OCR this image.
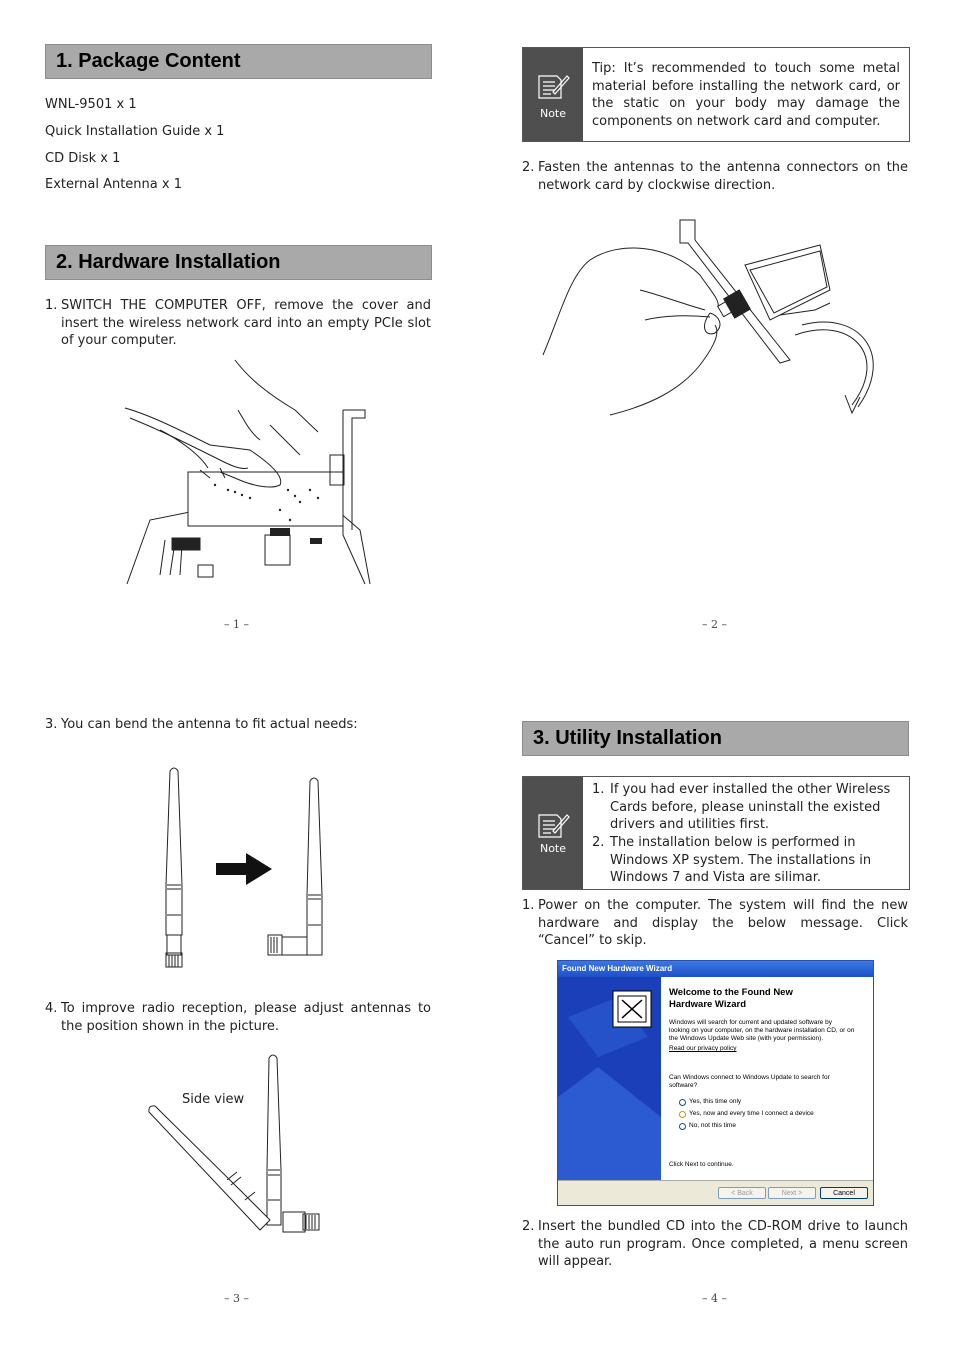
1. Package Content
WNL-9501 x 1
Quick Installation Guide x 1
CD Disk x 1
External Antenna x 1
2. Hardware Installation
1. SWITCH THE COMPUTER OFF, remove the cover and insert the wireless network card into an empty PCIe slot of your computer.
– 1 –
Note
Tip: It’s recommended to touch some metal material before installing the network card, or the static on your body may damage the components on network card and computer.
2. Fasten the antennas to the antenna connectors on the network card by clockwise direction.
– 2 –
3. You can bend the antenna to fit actual needs:
4. To improve radio reception, please adjust antennas to the position shown in the picture.
Side view
– 3 –
3. Utility Installation
Note
1. If you had ever installed the other Wireless Cards before, please uninstall the existed drivers and utilities first.
2. The installation below is performed in Windows XP system. The installations in Windows 7 and Vista are silimar.
1. Power on the computer. The system will find the new hardware and display the below message. Click “Cancel” to skip.
Found New Hardware Wizard
Welcome to the Found New
Hardware Wizard
Windows will search for current and updated software by
looking on your computer, on the hardware installation CD, or on
the Windows Update Web site (with your permission).
Read our privacy policy
Can Windows connect to Windows Update to search for
software?
Yes, this time only
Yes, now and every time I connect a device
No, not this time
Click Next to continue.
< Back	Next >	Cancel
2. Insert the bundled CD into the CD-ROM drive to launch the auto run program. Once completed, a menu screen will appear.
– 4 –
